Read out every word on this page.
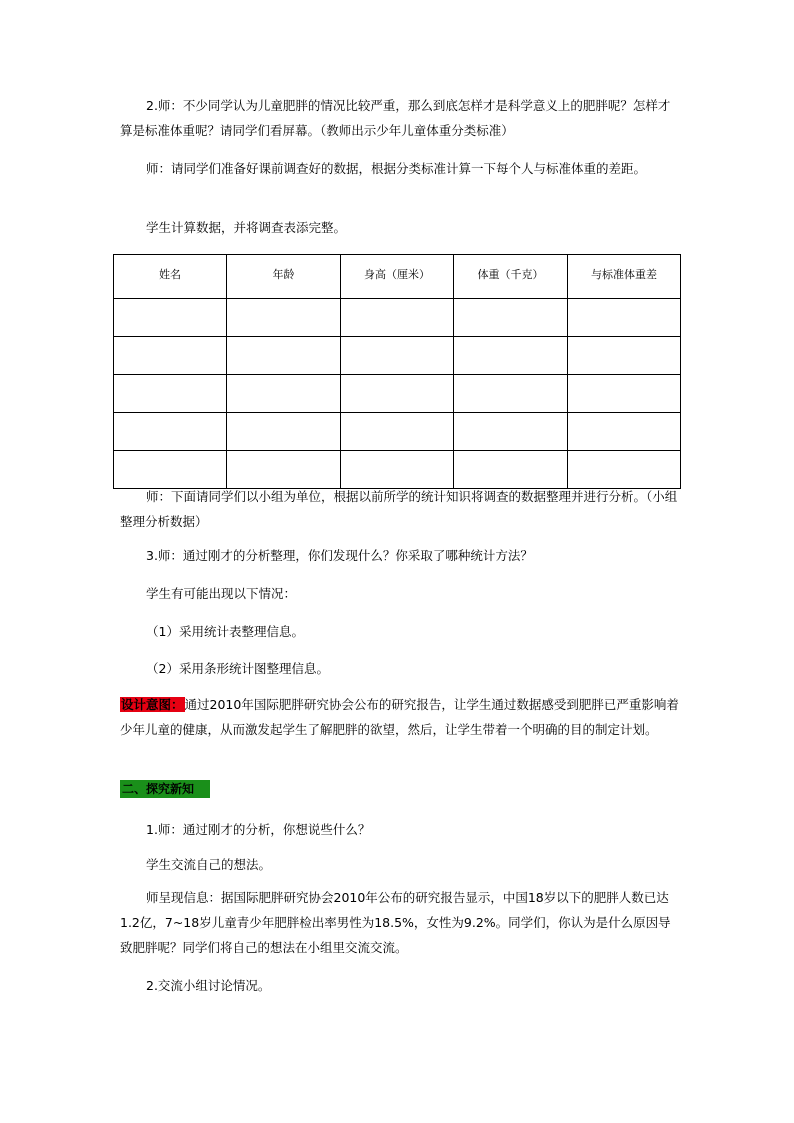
2.师：不少同学认为儿童肥胖的情况比较严重，那么到底怎样才是科学意义上的肥胖呢？怎样才算是标准体重呢？请同学们看屏幕。（教师出示少年儿童体重分类标准）

师：请同学们准备好课前调查好的数据，根据分类标准计算一下每个人与标准体重的差距。

学生计算数据，并将调查表添完整。

姓名	年龄	身高（厘米）	体重（千克）	与标准体重差

师：下面请同学们以小组为单位，根据以前所学的统计知识将调查的数据整理并进行分析。（小组整理分析数据）

3.师：通过刚才的分析整理，你们发现什么？你采取了哪种统计方法？

学生有可能出现以下情况：

（1）采用统计表整理信息。

（2）采用条形统计图整理信息。

设计意图：通过2010年国际肥胖研究协会公布的研究报告，让学生通过数据感受到肥胖已严重影响着少年儿童的健康，从而激发起学生了解肥胖的欲望，然后，让学生带着一个明确的目的制定计划。

二、探究新知

1.师：通过刚才的分析，你想说些什么？

学生交流自己的想法。

师呈现信息：据国际肥胖研究协会2010年公布的研究报告显示，中国18岁以下的肥胖人数已达1.2亿，7~18岁儿童青少年肥胖检出率男性为18.5%，女性为9.2%。同学们，你认为是什么原因导致肥胖呢？同学们将自己的想法在小组里交流交流。

2.交流小组讨论情况。
